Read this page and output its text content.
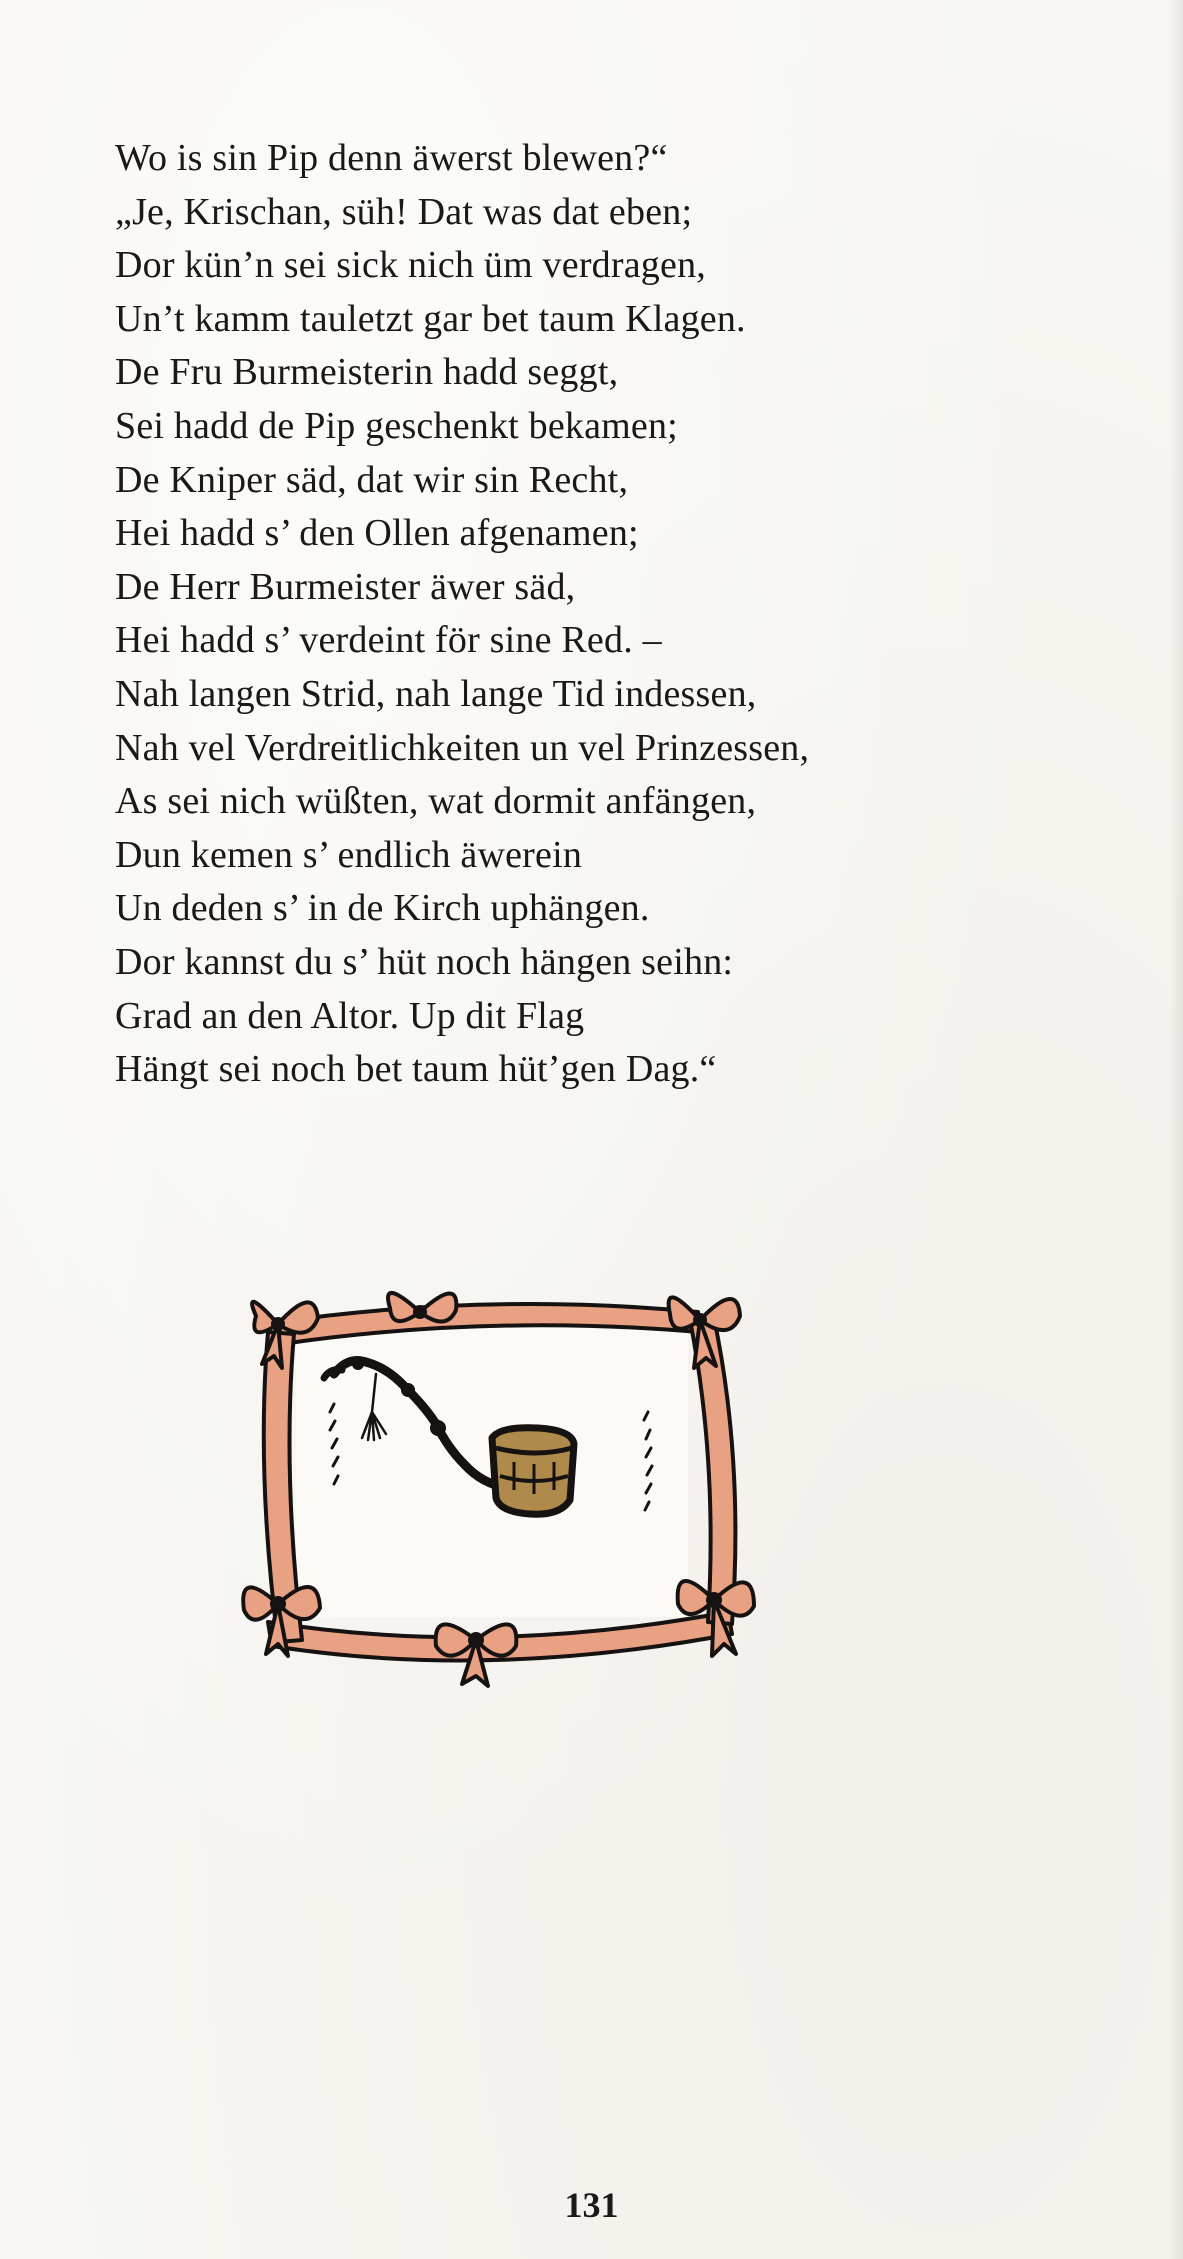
Wo is sin Pip denn äwerst blewen?“
„Je, Krischan, süh! Dat was dat eben;
Dor kün’n sei sick nich üm verdragen,
Un’t kamm tauletzt gar bet taum Klagen.
De Fru Burmeisterin hadd seggt,
Sei hadd de Pip geschenkt bekamen;
De Kniper säd, dat wir sin Recht,
Hei hadd s’ den Ollen afgenamen;
De Herr Burmeister äwer säd,
Hei hadd s’ verdeint för sine Red. –
Nah langen Strid, nah lange Tid indessen,
Nah vel Verdreitlichkeiten un vel Prinzessen,
As sei nich wüßten, wat dormit anfängen,
Dun kemen s’ endlich äwerein
Un deden s’ in de Kirch uphängen.
Dor kannst du s’ hüt noch hängen seihn:
Grad an den Altor. Up dit Flag
Hängt sei noch bet taum hüt’gen Dag.“
131
